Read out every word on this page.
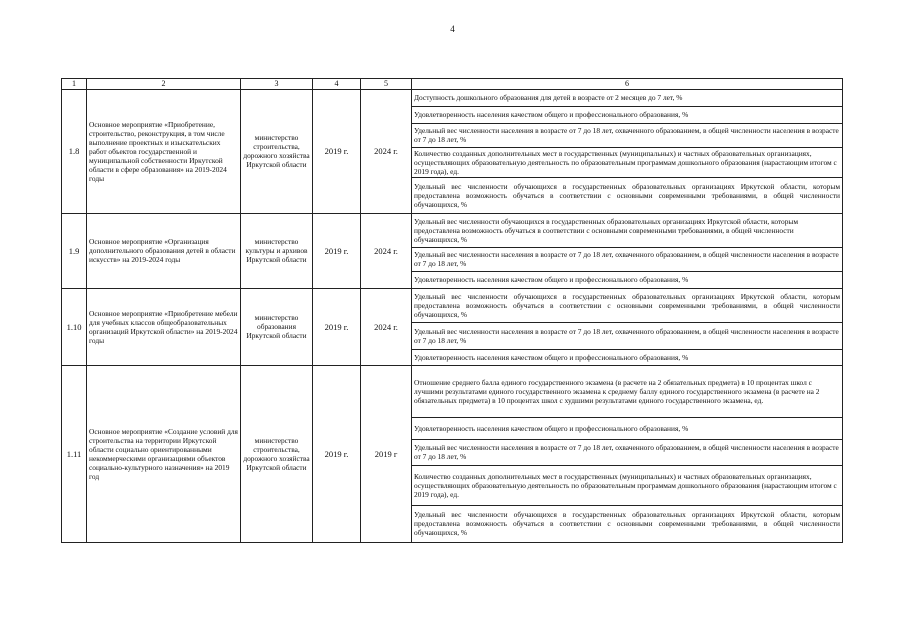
4
1	2	3	4	5	6
1.8	Основное мероприятие «Приобретение, строительство, реконструкция, в том числе выполнение проектных и изыскательских работ объектов государственной и муниципальной собственности Иркутской области в сфере образования» на 2019-2024 годы	министерство строительства, дорожного хозяйства Иркутской области	2019 г.	2024 г.	Доступность дошкольного образования для детей в возрасте от 2 месяцев до 7 лет, %
					Удовлетворенность населения качеством общего и профессионального образования, %
					Удельный вес численности населения в возрасте от 7 до 18 лет, охваченного образованием, в общей численности населения в возрасте от 7 до 18 лет, %
					Количество созданных дополнительных мест в государственных (муниципальных) и частных образовательных организациях, осуществляющих образовательную деятельность по образовательным программам дошкольного образования (нарастающим итогом с 2019 года), ед.
					Удельный вес численности обучающихся в государственных образовательных организациях Иркутской области, которым предоставлена возможность обучаться в соответствии с основными современными требованиями, в общей численности обучающихся, %
1.9	Основное мероприятие «Организация дополнительного образования детей в области искусств» на 2019-2024 годы	министерство культуры и архивов Иркутской области	2019 г.	2024 г.	Удельный вес численности обучающихся в государственных образовательных организациях Иркутской области, которым предоставлена возможность обучаться в соответствии с основными современными требованиями, в общей численности обучающихся, %
					Удельный вес численности населения в возрасте от 7 до 18 лет, охваченного образованием, в общей численности населения в возрасте от 7 до 18 лет, %
					Удовлетворенность населения качеством общего и профессионального образования, %
1.10	Основное мероприятие «Приобретение мебели для учебных классов общеобразовательных организаций Иркутской области» на 2019-2024 годы	министерство образования Иркутской области	2019 г.	2024 г.	Удельный вес численности обучающихся в государственных образовательных организациях Иркутской области, которым предоставлена возможность обучаться в соответствии с основными современными требованиями, в общей численности обучающихся, %
					Удельный вес численности населения в возрасте от 7 до 18 лет, охваченного образованием, в общей численности населения в возрасте от 7 до 18 лет, %
					Удовлетворенность населения качеством общего и профессионального образования, %
1.11	Основное мероприятие «Создание условий для строительства на территории Иркутской области социально ориентированными некоммерческими организациями объектов социально-культурного назначения» на 2019 год	министерство строительства, дорожного хозяйства Иркутской области	2019 г.	2019 г	Отношение среднего балла единого государственного экзамена (в расчете на 2 обязательных предмета) в 10 процентах школ с лучшими результатами единого государственного экзамена к среднему баллу единого государственного экзамена (в расчете на 2 обязательных предмета) в 10 процентах школ с худшими результатами единого государственного экзамена, ед.
					Удовлетворенность населения качеством общего и профессионального образования, %
					Удельный вес численности населения в возрасте от 7 до 18 лет, охваченного образованием, в общей численности населения в возрасте от 7 до 18 лет, %
					Количество созданных дополнительных мест в государственных (муниципальных) и частных образовательных организациях, осуществляющих образовательную деятельность по образовательным программам дошкольного образования (нарастающим итогом с 2019 года), ед.
					Удельный вес численности обучающихся в государственных образовательных организациях Иркутской области, которым предоставлена возможность обучаться в соответствии с основными современными требованиями, в общей численности обучающихся, %
